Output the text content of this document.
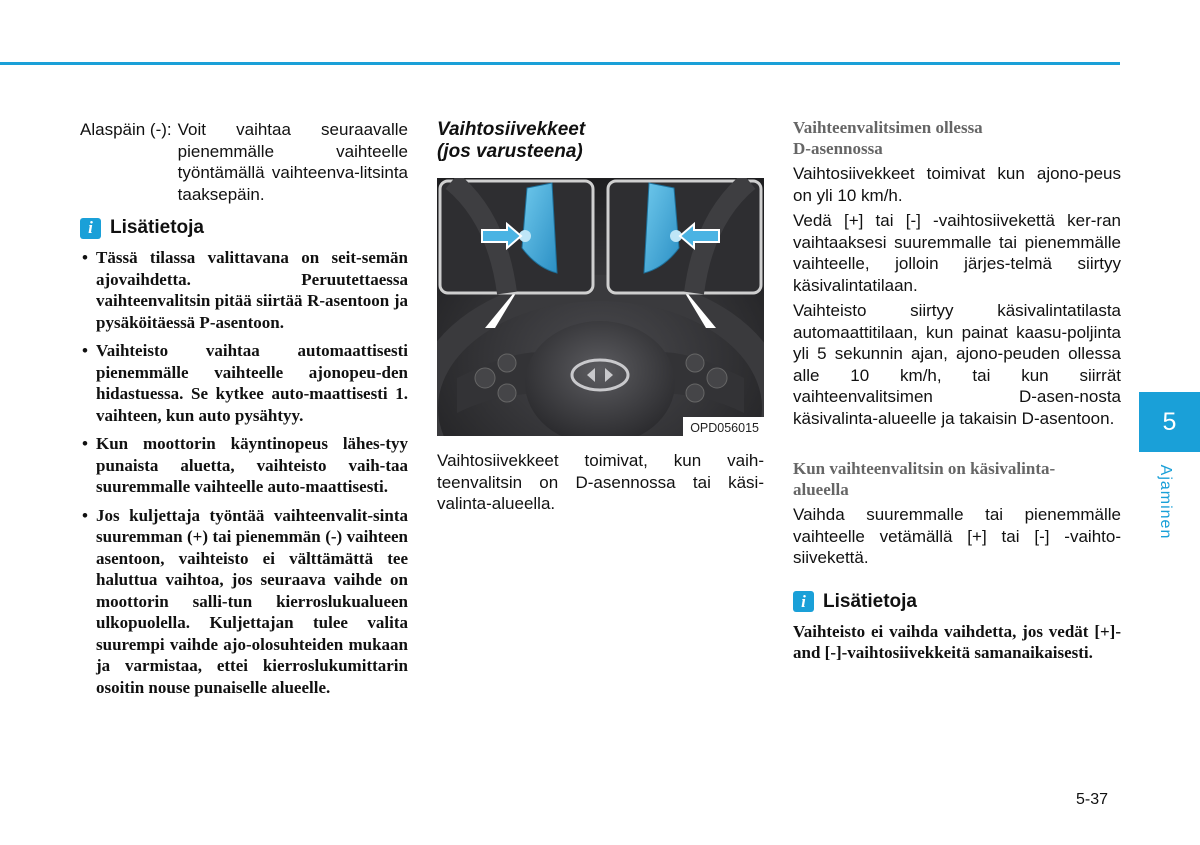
Alaspäin (-): Voit vaihtaa seuraavalle pienemmälle vaihteelle työntämällä vaihteenva-litsinta taaksepäin.
i Lisätietoja
• Tässä tilassa valittavana on seit-semän ajovaihdetta. Peruutettaessa vaihteenvalitsin pitää siirtää R-asentoon ja pysäköitäessä P-asentoon.
• Vaihteisto vaihtaa automaattisesti pienemmälle vaihteelle ajonopeu-den hidastuessa. Se kytkee auto-maattisesti 1. vaihteen, kun auto pysähtyy.
• Kun moottorin käyntinopeus lähes-tyy punaista aluetta, vaihteisto vaih-taa suuremmalle vaihteelle auto-maattisesti.
• Jos kuljettaja työntää vaihteenvalit-sinta suuremman (+) tai pienemmän (-) vaihteen asentoon, vaihteisto ei välttämättä tee haluttua vaihtoa, jos seuraava vaihde on moottorin salli-tun kierroslukualueen ulkopuolella. Kuljettajan tulee valita suurempi vaihde ajo-olosuhteiden mukaan ja varmistaa, ettei kierroslukumittarin osoitin nouse punaiselle alueelle.
Vaihtosiivekkeet
(jos varusteena)
OPD056015

Vaihtosiivekkeet toimivat, kun vaih-teenvalitsin on D-asennossa tai käsi-valinta-alueella.

Vaihteenvalitsimen ollessa
D-asennossa

Vaihtosiivekkeet toimivat kun ajono-peus on yli 10 km/h.

Vedä [+] tai [-] -vaihtosiivekettä ker-ran vaihtaaksesi suuremmalle tai pienemmälle vaihteelle, jolloin järjes-telmä siirtyy käsivalintatilaan.

Vaihteisto siirtyy käsivalintatilasta automaattitilaan, kun painat kaasu-poljinta yli 5 sekunnin ajan, ajono-peuden ollessa alle 10 km/h, tai kun siirrät vaihteenvalitsimen D-asen-nosta käsivalinta-alueelle ja takaisin D-asentoon.

Kun vaihteenvalitsin on käsivalinta-
alueella

Vaihda suuremmalle tai pienemmälle vaihteelle vetämällä [+] tai [-] -vaihto-siivekettä.

i Lisätietoja

Vaihteisto ei vaihda vaihdetta, jos vedät [+]- and [-]-vaihtosiivekkeitä samanaikaisesti.

5
Ajaminen
5-37
